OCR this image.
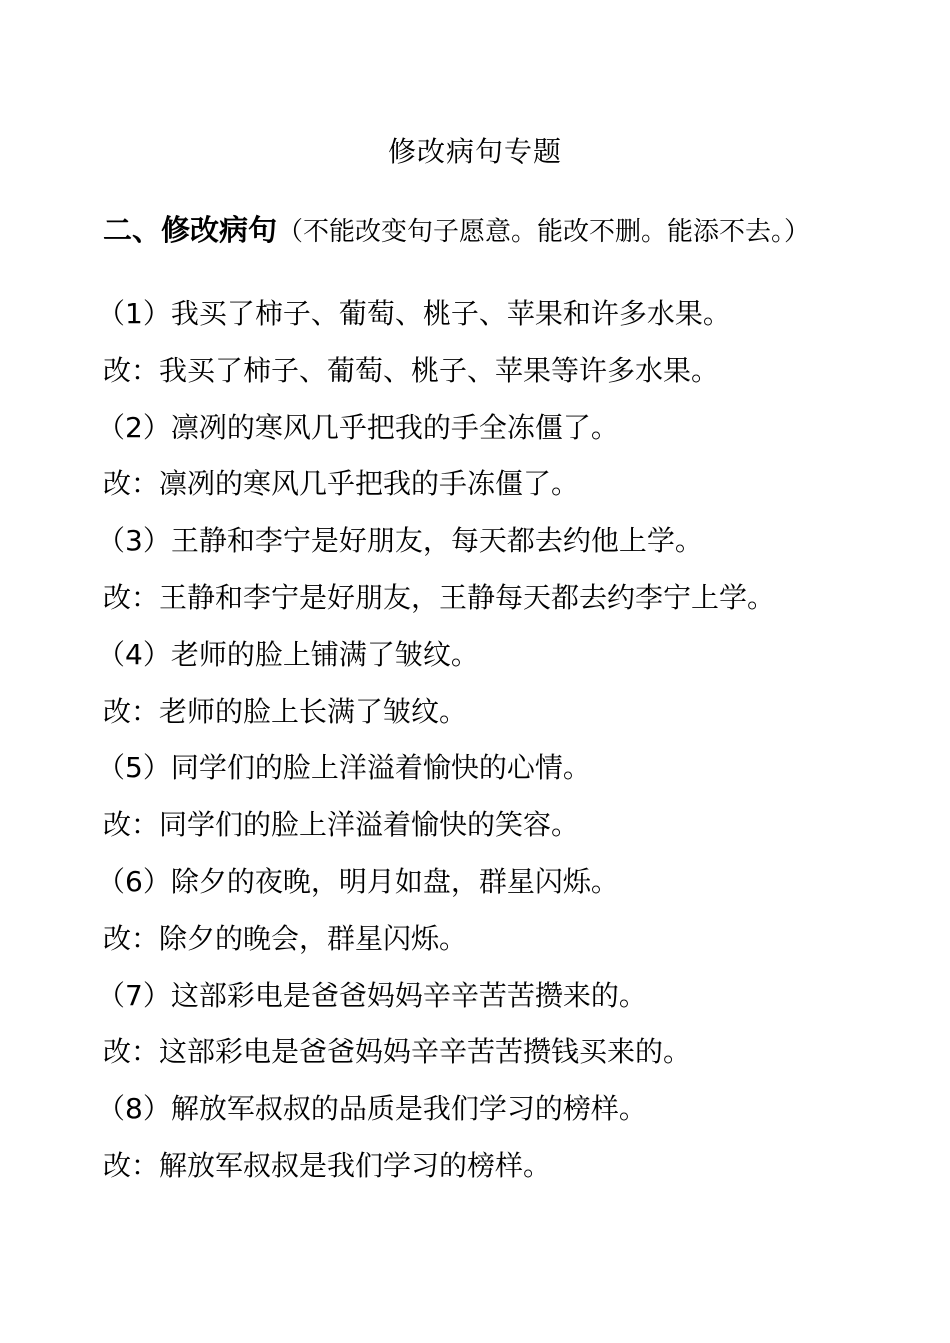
修改病句专题
二、修改病句（不能改变句子愿意。能改不删。能添不去。）
（1）我买了柿子、葡萄、桃子、苹果和许多水果。
改：我买了柿子、葡萄、桃子、苹果等许多水果。
（2）凛冽的寒风几乎把我的手全冻僵了。
改：凛冽的寒风几乎把我的手冻僵了。
（3）王静和李宁是好朋友，每天都去约他上学。
改：王静和李宁是好朋友，王静每天都去约李宁上学。
（4）老师的脸上铺满了皱纹。
改：老师的脸上长满了皱纹。
（5）同学们的脸上洋溢着愉快的心情。
改：同学们的脸上洋溢着愉快的笑容。
（6）除夕的夜晚，明月如盘，群星闪烁。
改：除夕的晚会，群星闪烁。
（7）这部彩电是爸爸妈妈辛辛苦苦攒来的。
改：这部彩电是爸爸妈妈辛辛苦苦攒钱买来的。
（8）解放军叔叔的品质是我们学习的榜样。
改：解放军叔叔是我们学习的榜样。
